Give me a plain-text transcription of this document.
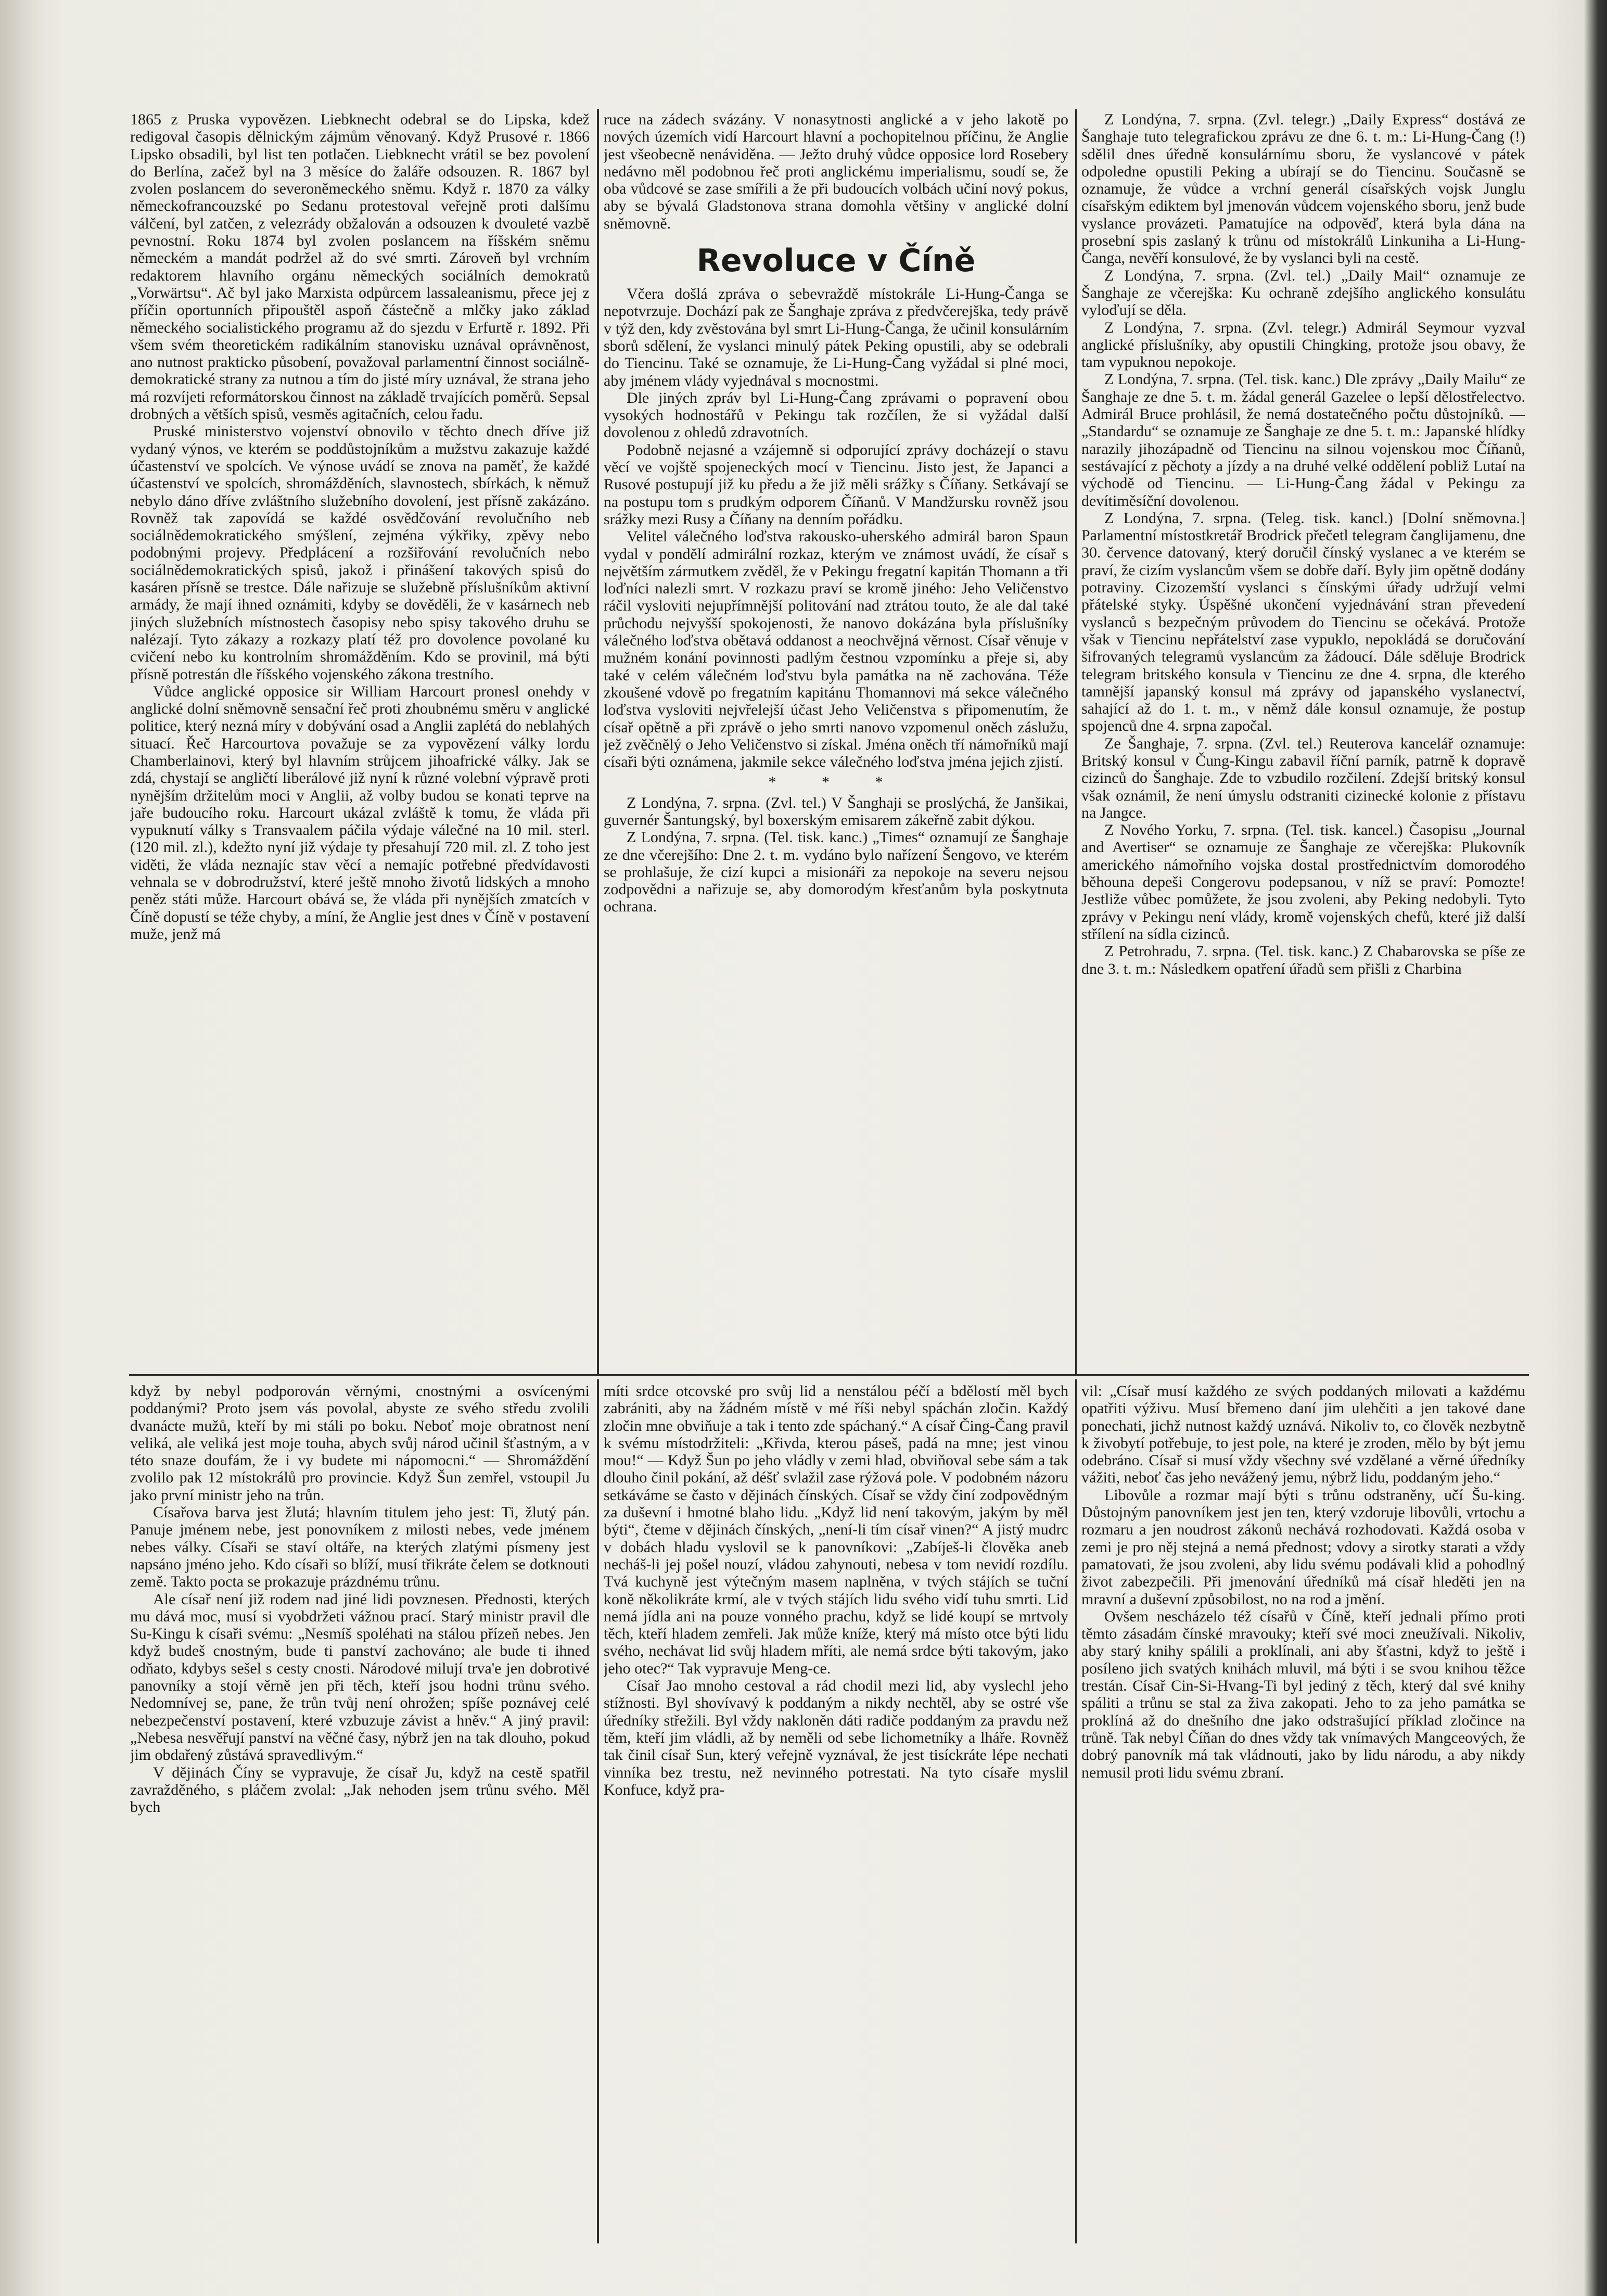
1865 z Pruska vypovězen. Liebknecht odebral se do Lipska, kdež redigoval časopis dělnickým zájmům věnovaný. Když Prusové r. 1866 Lipsko obsadili, byl list ten potlačen. Liebknecht vrátil se bez povolení do Berlína, začež byl na 3 měsíce do žaláře odsouzen. R. 1867 byl zvolen poslancem do severoněmeckého sněmu. Když r. 1870 za války německofrancouzské po Sedanu protestoval veřejně proti dalšímu válčení, byl zatčen, z velezrády obžalován a odsouzen k dvouleté vazbě pevnostní. Roku 1874 byl zvolen poslancem na říšském sněmu německém a mandát podržel až do své smrti. Zároveň byl vrchním redaktorem hlavního orgánu německých sociálních demokratů „Vorwärtsu“. Ač byl jako Marxista odpůrcem lassaleanismu, přece jej z příčin oportunních připouštěl aspoň částečně a mlčky jako základ německého socialistického programu až do sjezdu v Erfurtě r. 1892. Při všem svém theoretickém radikálním stanovisku uznával oprávněnost, ano nutnost prakticko působení, považoval parlamentní činnost sociálně-demokratické strany za nutnou a tím do jisté míry uznával, že strana jeho má rozvíjeti reformátorskou činnost na základě trvajících poměrů. Sepsal drobných a větších spisů, vesměs agitačních, celou řadu.

Pruské ministerstvo vojenství obnovilo v těchto dnech dříve již vydaný výnos, ve kterém se poddůstojníkům a mužstvu zakazuje každé účastenství ve spolcích. Ve výnose uvádí se znova na paměť, že každé účastenství ve spolcích, shromážděních, slavnostech, sbírkách, k němuž nebylo dáno dříve zvláštního služebního dovolení, jest přísně zakázáno. Rovněž tak zapovídá se každé osvědčování revolučního neb sociálnědemokratického smýšlení, zejména výkřiky, zpěvy nebo podobnými projevy. Předplácení a rozšiřování revolučních nebo sociálnědemokratických spisů, jakož i přinášení takových spisů do kasáren přísně se trestce. Dále nařizuje se služebně příslušníkům aktivní armády, že mají ihned oznámiti, kdyby se dověděli, že v kasárnech neb jiných služebních místnostech časopisy nebo spisy takového druhu se nalézají. Tyto zákazy a rozkazy platí též pro dovolence povolané ku cvičení nebo ku kontrolním shromážděním. Kdo se provinil, má býti přísně potrestán dle říšského vojenského zákona trestního.

Vůdce anglické opposice sir William Harcourt pronesl onehdy v anglické dolní sněmovně sensační řeč proti zhoubnému směru v anglické politice, který nezná míry v dobývání osad a Anglii zaplétá do neblahých situací. Řeč Harcourtova považuje se za vypovězení války lordu Chamberlainovi, který byl hlavním strůjcem jihoafrické války. Jak se zdá, chystají se angličtí liberálové již nyní k různé volební výpravě proti nynějším držitelům moci v Anglii, až volby budou se konati teprve na jaře budoucího roku. Harcourt ukázal zvláště k tomu, že vláda při vypuknutí války s Transvaalem páčila výdaje válečné na 10 mil. sterl. (120 mil. zl.), kdežto nyní již výdaje ty přesahují 720 mil. zl. Z toho jest viděti, že vláda neznajíc stav věcí a nemajíc potřebné předvídavosti vehnala se v dobrodružství, které ještě mnoho životů lidských a mnoho peněz státi může. Harcourt obává se, že vláda při nynějších zmatcích v Číně dopustí se téže chyby, a míní, že Anglie jest dnes v Číně v postavení muže, jenž má

ruce na zádech svázány. V nonasytnosti anglické a v jeho lakotě po nových územích vidí Harcourt hlavní a pochopitelnou příčinu, že Anglie jest všeobecně nenáviděna. — Ježto druhý vůdce opposice lord Rosebery nedávno měl podobnou řeč proti anglickému imperialismu, soudí se, že oba vůdcové se zase smířili a že při budoucích volbách učiní nový pokus, aby se bývalá Gladstonova strana domohla většiny v anglické dolní sněmovně.

Revoluce v Číně

Včera došlá zpráva o sebevraždě místokrále Li-Hung-Čanga se nepotvrzuje. Dochází pak ze Šanghaje zpráva z předvčerejška, tedy právě v týž den, kdy zvěstována byl smrt Li-Hung-Čanga, že učinil konsulárním sborů sdělení, že vyslanci minulý pátek Peking opustili, aby se odebrali do Tiencinu. Také se oznamuje, že Li-Hung-Čang vyžádal si plné moci, aby jménem vlády vyjednával s mocnostmi.

Dle jiných zpráv byl Li-Hung-Čang zprávami o popravení obou vysokých hodnostářů v Pekingu tak rozčílen, že si vyžádal další dovolenou z ohledů zdravotních.

Podobně nejasné a vzájemně si odporující zprávy docházejí o stavu věcí ve vojště spojeneckých mocí v Tiencinu. Jisto jest, že Japanci a Rusové postupují již ku předu a že již měli srážky s Číňany. Setkávají se na postupu tom s prudkým odporem Číňanů. V Mandžursku rovněž jsou srážky mezi Rusy a Číňany na denním pořádku.

Velitel válečného loďstva rakousko-uherského admirál baron Spaun vydal v pondělí admirální rozkaz, kterým ve známost uvádí, že císař s největším zármutkem zvěděl, že v Pekingu fregatní kapitán Thomann a tři loďníci nalezli smrt. V rozkazu praví se kromě jiného: Jeho Veličenstvo ráčil vysloviti nejupřímnější politování nad ztrátou touto, že ale dal také průchodu nejvyšší spokojenosti, že nanovo dokázána byla příslušníky válečného loďstva obětavá oddanost a neochvějná věrnost. Císař věnuje v mužném konání povinnosti padlým čestnou vzpomínku a přeje si, aby také v celém válečném loďstvu byla památka na ně zachována. Téže zkoušené vdově po fregatním kapitánu Thomannovi má sekce válečného loďstva vysloviti nejvřelejší účast Jeho Veličenstva s připomenutím, že císař opětně a při zprávě o jeho smrti nanovo vzpomenul oněch záslužu, jež zvěčnělý o Jeho Veličenstvo si získal. Jména oněch tří námořníků mají císaři býti oznámena, jakmile sekce válečného loďstva jména jejich zjistí.

* * *

Z Londýna, 7. srpna. (Zvl. tel.) V Šanghaji se proslýchá, že Janšikai, guvernér Šantungský, byl boxerským emisarem zákeřně zabit dýkou.

Z Londýna, 7. srpna. (Tel. tisk. kanc.) „Times“ oznamují ze Šanghaje ze dne včerejšího: Dne 2. t. m. vydáno bylo nařízení Šengovo, ve kterém se prohlašuje, že cizí kupci a misionáři za nepokoje na severu nejsou zodpovědni a nařizuje se, aby domorodým křesťanům byla poskytnuta ochrana.

Z Londýna, 7. srpna. (Zvl. telegr.) „Daily Express“ dostává ze Šanghaje tuto telegrafickou zprávu ze dne 6. t. m.: Li-Hung-Čang (!) sdělil dnes úředně konsulárnímu sboru, že vyslancové v pátek odpoledne opustili Peking a ubírají se do Tiencinu. Současně se oznamuje, že vůdce a vrchní generál císařských vojsk Junglu císařským ediktem byl jmenován vůdcem vojenského sboru, jenž bude vyslance provázeti. Pamatujíce na odpověď, která byla dána na prosební spis zaslaný k trůnu od místokrálů Linkuniha a Li-Hung-Čanga, nevěří konsulové, že by vyslanci byli na cestě.

Z Londýna, 7. srpna. (Zvl. tel.) „Daily Mail“ oznamuje ze Šanghaje ze včerejška: Ku ochraně zdejšího anglického konsulátu vyloďují se děla.

Z Londýna, 7. srpna. (Zvl. telegr.) Admirál Seymour vyzval anglické příslušníky, aby opustili Chingking, protože jsou obavy, že tam vypuknou nepokoje.

Z Londýna, 7. srpna. (Tel. tisk. kanc.) Dle zprávy „Daily Mailu“ ze Šanghaje ze dne 5. t. m. žádal generál Gazelee o lepší dělostřelectvo. Admirál Bruce prohlásil, že nemá dostatečného počtu důstojníků. — „Standardu“ se oznamuje ze Šanghaje ze dne 5. t. m.: Japanské hlídky narazily jihozápadně od Tiencinu na silnou vojenskou moc Číňanů, sestávající z pěchoty a jízdy a na druhé velké oddělení pobliž Lutaí na východě od Tiencinu. — Li-Hung-Čang žádal v Pekingu za devítiměsíční dovolenou.

Z Londýna, 7. srpna. (Teleg. tisk. kancl.) [Dolní sněmovna.] Parlamentní místostkretář Brodrick přečetl telegram čanglijamenu, dne 30. července datovaný, který doručil čínský vyslanec a ve kterém se praví, že cizím vyslancům všem se dobře daří. Byly jim opětně dodány potraviny. Cizozemští vyslanci s čínskými úřady udržují velmi přátelské styky. Úspěšné ukončení vyjednávání stran převedení vyslanců s bezpečným průvodem do Tiencinu se očekává. Protože však v Tiencinu nepřátelství zase vypuklo, nepokládá se doručování šifrovaných telegramů vyslancům za žádoucí. Dále sděluje Brodrick telegram britského konsula v Tiencinu ze dne 4. srpna, dle kterého tamnější japanský konsul má zprávy od japanského vyslanectví, sahající až do 1. t. m., v němž dále konsul oznamuje, že postup spojenců dne 4. srpna započal.

Ze Šanghaje, 7. srpna. (Zvl. tel.) Reuterova kancelář oznamuje: Britský konsul v Čung-Kingu zabavil říční parník, patrně k dopravě cizinců do Šanghaje. Zde to vzbudilo rozčilení. Zdejší britský konsul však oznámil, že není úmyslu odstraniti cizinecké kolonie z přístavu na Jangce.

Z Nového Yorku, 7. srpna. (Tel. tisk. kancel.) Časopisu „Journal and Avertiser“ se oznamuje ze Šanghaje ze včerejška: Plukovník amerického námořního vojska dostal prostřednictvím domorodého běhouna depeši Congerovu podepsanou, v níž se praví: Pomozte! Jestliže vůbec pomůžete, že jsou zvoleni, aby Peking nedobyli. Tyto zprávy v Pekingu není vlády, kromě vojenských chefů, které již další střílení na sídla cizinců.

Z Petrohradu, 7. srpna. (Tel. tisk. kanc.) Z Chabarovska se píše ze dne 3. t. m.: Následkem opatření úřadů sem přišli z Charbina

když by nebyl podporován věrnými, cnostnými a osvícenými poddanými? Proto jsem vás povolal, abyste ze svého středu zvolili dvanácte mužů, kteří by mi stáli po boku. Neboť moje obratnost není veliká, ale veliká jest moje touha, abych svůj národ učinil šťastným, a v této snaze doufám, že i vy budete mi nápomocni.“ — Shromáždění zvolilo pak 12 místokrálů pro provincie. Když Šun zemřel, vstoupil Ju jako první ministr jeho na trůn.

Císařova barva jest žlutá; hlavním titulem jeho jest: Ti, žlutý pán. Panuje jménem nebe, jest ponovníkem z milosti nebes, vede jménem nebes války. Císaři se staví oltáře, na kterých zlatými písmeny jest napsáno jméno jeho. Kdo císaři so blíží, musí třikráte čelem se dotknouti země. Takto pocta se prokazuje prázdnému trůnu.

Ale císař není již rodem nad jiné lidi povznesen. Přednosti, kterých mu dává moc, musí si vyobdržeti vážnou prací. Starý ministr pravil dle Su-Kingu k císaři svému: „Nesmíš spoléhati na stálou přízeň nebes. Jen když budeš cnostným, bude ti panství zachováno; ale bude ti ihned odňato, kdybys sešel s cesty cnosti. Národové milují trva'e jen dobrotivé panovníky a stojí věrně jen při těch, kteří jsou hodni trůnu svého. Nedomnívej se, pane, že trůn tvůj není ohrožen; spíše poznávej celé nebezpečenství postavení, které vzbuzuje závist a hněv.“ A jiný pravil: „Nebesa nesvěřují panství na věčné časy, nýbrž jen na tak dlouho, pokud jim obdařený zůstává spravedlivým.“

V dějinách Číny se vypravuje, že císař Ju, když na cestě spatřil zavražděného, s pláčem zvolal: „Jak nehoden jsem trůnu svého. Měl bych

míti srdce otcovské pro svůj lid a nenstálou péčí a bdělostí měl bych zabrániti, aby na žádném místě v mé říši nebyl spáchán zločin. Každý zločin mne obviňuje a tak i tento zde spáchaný.“ A císař Čing-Čang pravil k svému místodržiteli: „Křivda, kterou páseš, padá na mne; jest vinou mou!“ — Když Šun po jeho vládly v zemi hlad, obviňoval sebe sám a tak dlouho činil pokání, až déšť svlažil zase rýžová pole. V podobném názoru setkáváme se často v dějinách čínských. Císař se vždy činí zodpovědným za duševní i hmotné blaho lidu. „Když lid není takovým, jakým by měl býti“, čteme v dějinách čínských, „není-li tím císař vinen?“ A jistý mudrc v dobách hladu vyslovil se k panovníkovi: „Zabíješ-li člověka aneb necháš-li jej pošel nouzí, vládou zahynouti, nebesa v tom nevidí rozdílu. Tvá kuchyně jest výtečným masem naplněna, v tvých stájích se tuční koně několikráte krmí, ale v tvých stájích lidu svého vidí tuhu smrti. Lid nemá jídla ani na pouze vonného prachu, když se lidé koupí se mrtvoly těch, kteří hladem zemřeli. Jak může kníže, který má místo otce býti lidu svého, nechávat lid svůj hladem mříti, ale nemá srdce býti takovým, jako jeho otec?“ Tak vypravuje Meng-ce.

Císař Jao mnoho cestoval a rád chodil mezi lid, aby vyslechl jeho stížnosti. Byl shovívavý k poddaným a nikdy nechtěl, aby se ostré vše úředníky střežili. Byl vždy nakloněn dáti radiče poddaným za pravdu než těm, kteří jim vládli, až by neměli od sebe lichometníky a lháře. Rovněž tak činil císař Sun, který veřejně vyznával, že jest tisíckráte lépe nechati vinníka bez trestu, než nevinného potrestati. Na tyto císaře myslil Konfuce, když pra-

vil: „Císař musí každého ze svých poddaných milovati a každému opatřiti výživu. Musí břemeno daní jim ulehčiti a jen takové dane ponechati, jichž nutnost každý uznává. Nikoliv to, co člověk nezbytně k živobytí potřebuje, to jest pole, na které je zroden, mělo by být jemu odebráno. Císař si musí vždy všechny své vzdělané a věrné úředníky vážiti, neboť čas jeho nevážený jemu, nýbrž lidu, poddaným jeho.“

Libovůle a rozmar mají býti s trůnu odstraněny, učí Šu-king. Důstojným panovníkem jest jen ten, který vzdoruje libovůli, vrtochu a rozmaru a jen noudrost zákonů nechává rozhodovati. Každá osoba v zemi je pro něj stejná a nemá přednost; vdovy a sirotky starati a vždy pamatovati, že jsou zvoleni, aby lidu svému podávali klid a pohodlný život zabezpečili. Při jmenování úředníků má císař hleděti jen na mravní a duševní způsobilost, no na rod a jmění.

Ovšem nescházelo též císařů v Číně, kteří jednali přímo proti těmto zásadám čínské mravouky; kteří své moci zneužívali. Nikoliv, aby starý knihy spálili a proklínali, ani aby šťastni, když to ještě i posíleno jich svatých knihách mluvil, má býti i se svou knihou těžce trestán. Císař Cin-Si-Hvang-Ti byl jediný z těch, který dal své knihy spáliti a trůnu se stal za živa zakopati. Jeho to za jeho památka se proklíná až do dnešního dne jako odstrašující příklad zločince na trůně. Tak nebyl Číňan do dnes vždy tak vnímavých Mangceových, že dobrý panovník má tak vládnouti, jako by lidu národu, a aby nikdy nemusil proti lidu svému zbraní.
